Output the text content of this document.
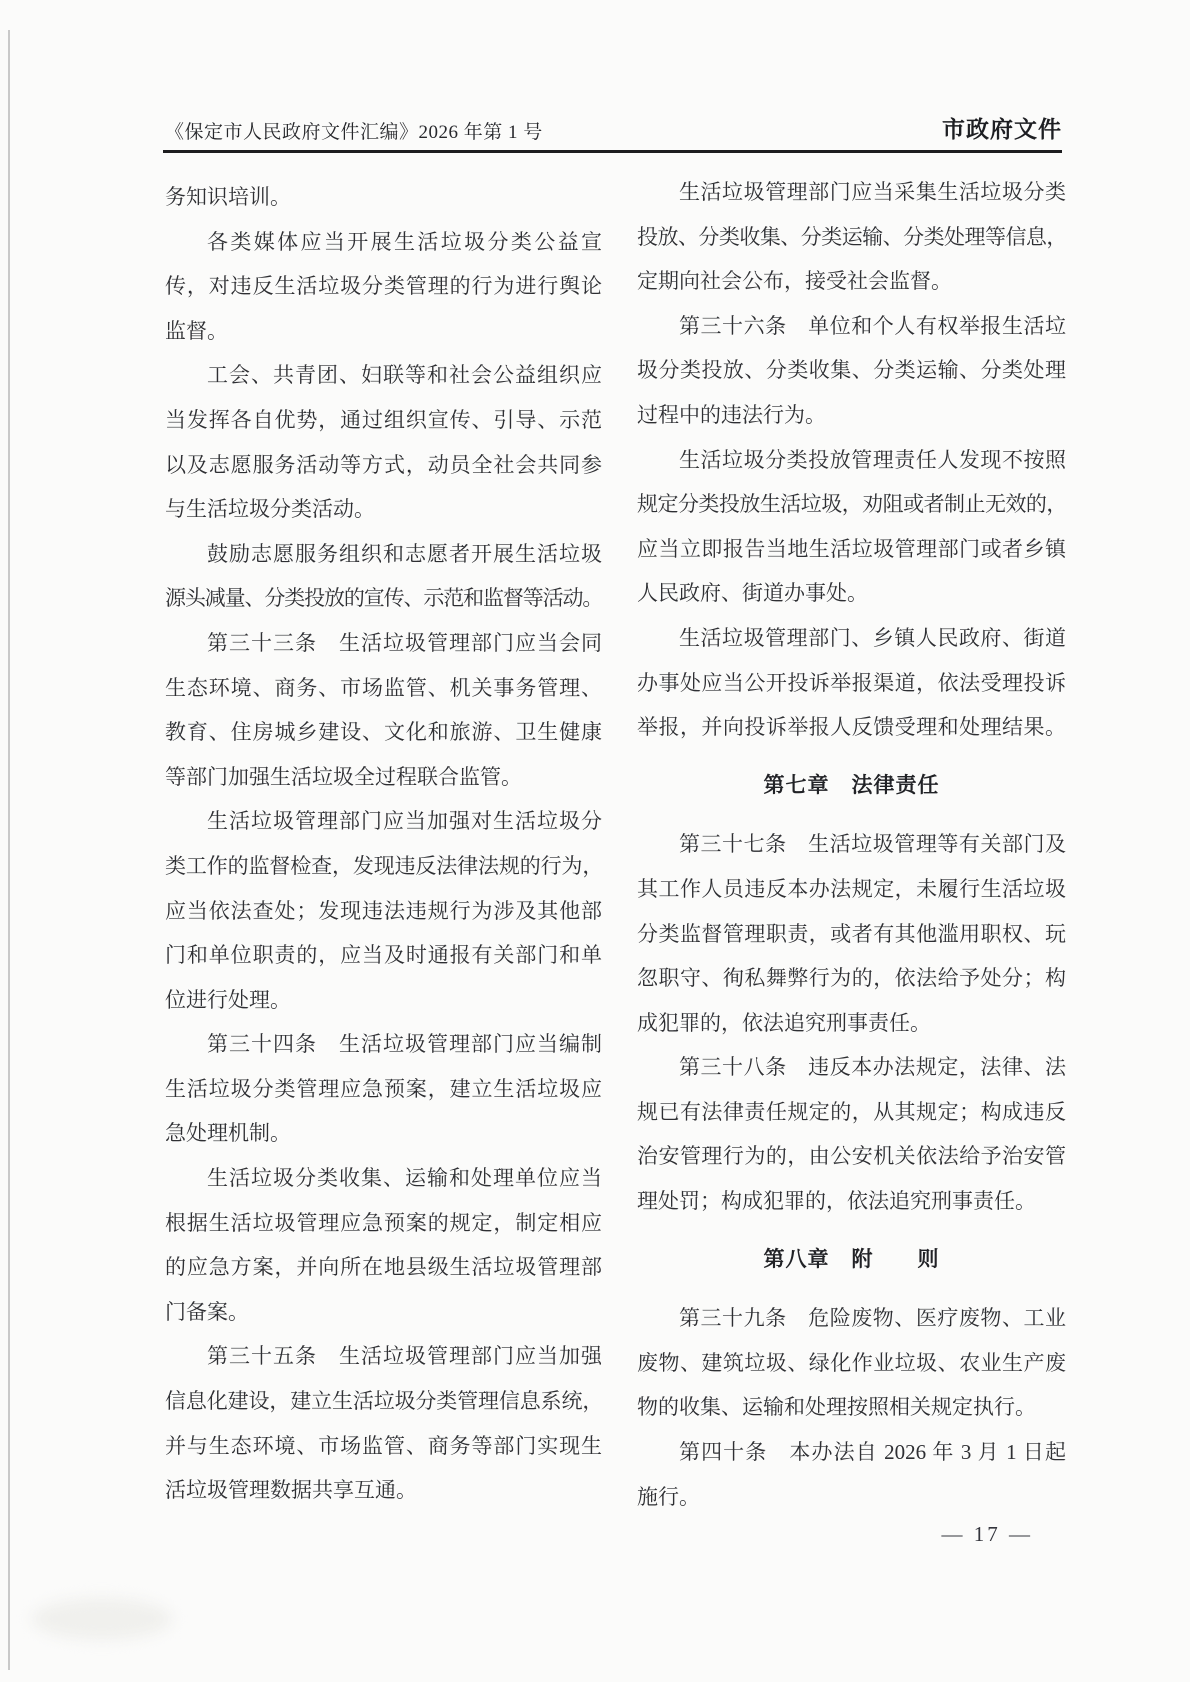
《保定市人民政府文件汇编》2026 年第 1 号	市政府文件
务知识培训。
各类媒体应当开展生活垃圾分类公益宣
传，对违反生活垃圾分类管理的行为进行舆论
监督。
工会、共青团、妇联等和社会公益组织应
当发挥各自优势，通过组织宣传、引导、示范
以及志愿服务活动等方式，动员全社会共同参
与生活垃圾分类活动。
鼓励志愿服务组织和志愿者开展生活垃圾
源头减量、分类投放的宣传、示范和监督等活动。
第三十三条　生活垃圾管理部门应当会同
生态环境、商务、市场监管、机关事务管理、
教育、住房城乡建设、文化和旅游、卫生健康
等部门加强生活垃圾全过程联合监管。
生活垃圾管理部门应当加强对生活垃圾分
类工作的监督检查，发现违反法律法规的行为，
应当依法查处；发现违法违规行为涉及其他部
门和单位职责的，应当及时通报有关部门和单
位进行处理。
第三十四条　生活垃圾管理部门应当编制
生活垃圾分类管理应急预案，建立生活垃圾应
急处理机制。
生活垃圾分类收集、运输和处理单位应当
根据生活垃圾管理应急预案的规定，制定相应
的应急方案，并向所在地县级生活垃圾管理部
门备案。
第三十五条　生活垃圾管理部门应当加强
信息化建设，建立生活垃圾分类管理信息系统，
并与生态环境、市场监管、商务等部门实现生
活垃圾管理数据共享互通。
生活垃圾管理部门应当采集生活垃圾分类
投放、分类收集、分类运输、分类处理等信息，
定期向社会公布，接受社会监督。
第三十六条　单位和个人有权举报生活垃
圾分类投放、分类收集、分类运输、分类处理
过程中的违法行为。
生活垃圾分类投放管理责任人发现不按照
规定分类投放生活垃圾，劝阻或者制止无效的，
应当立即报告当地生活垃圾管理部门或者乡镇
人民政府、街道办事处。
生活垃圾管理部门、乡镇人民政府、街道
办事处应当公开投诉举报渠道，依法受理投诉
举报，并向投诉举报人反馈受理和处理结果。
第七章　法律责任
第三十七条　生活垃圾管理等有关部门及
其工作人员违反本办法规定，未履行生活垃圾
分类监督管理职责，或者有其他滥用职权、玩
忽职守、徇私舞弊行为的，依法给予处分；构
成犯罪的，依法追究刑事责任。
第三十八条　违反本办法规定，法律、法
规已有法律责任规定的，从其规定；构成违反
治安管理行为的，由公安机关依法给予治安管
理处罚；构成犯罪的，依法追究刑事责任。
第八章　附　　则
第三十九条　危险废物、医疗废物、工业
废物、建筑垃圾、绿化作业垃圾、农业生产废
物的收集、运输和处理按照相关规定执行。
第四十条　本办法自 2026 年 3 月 1 日起
施行。
— 17 —
